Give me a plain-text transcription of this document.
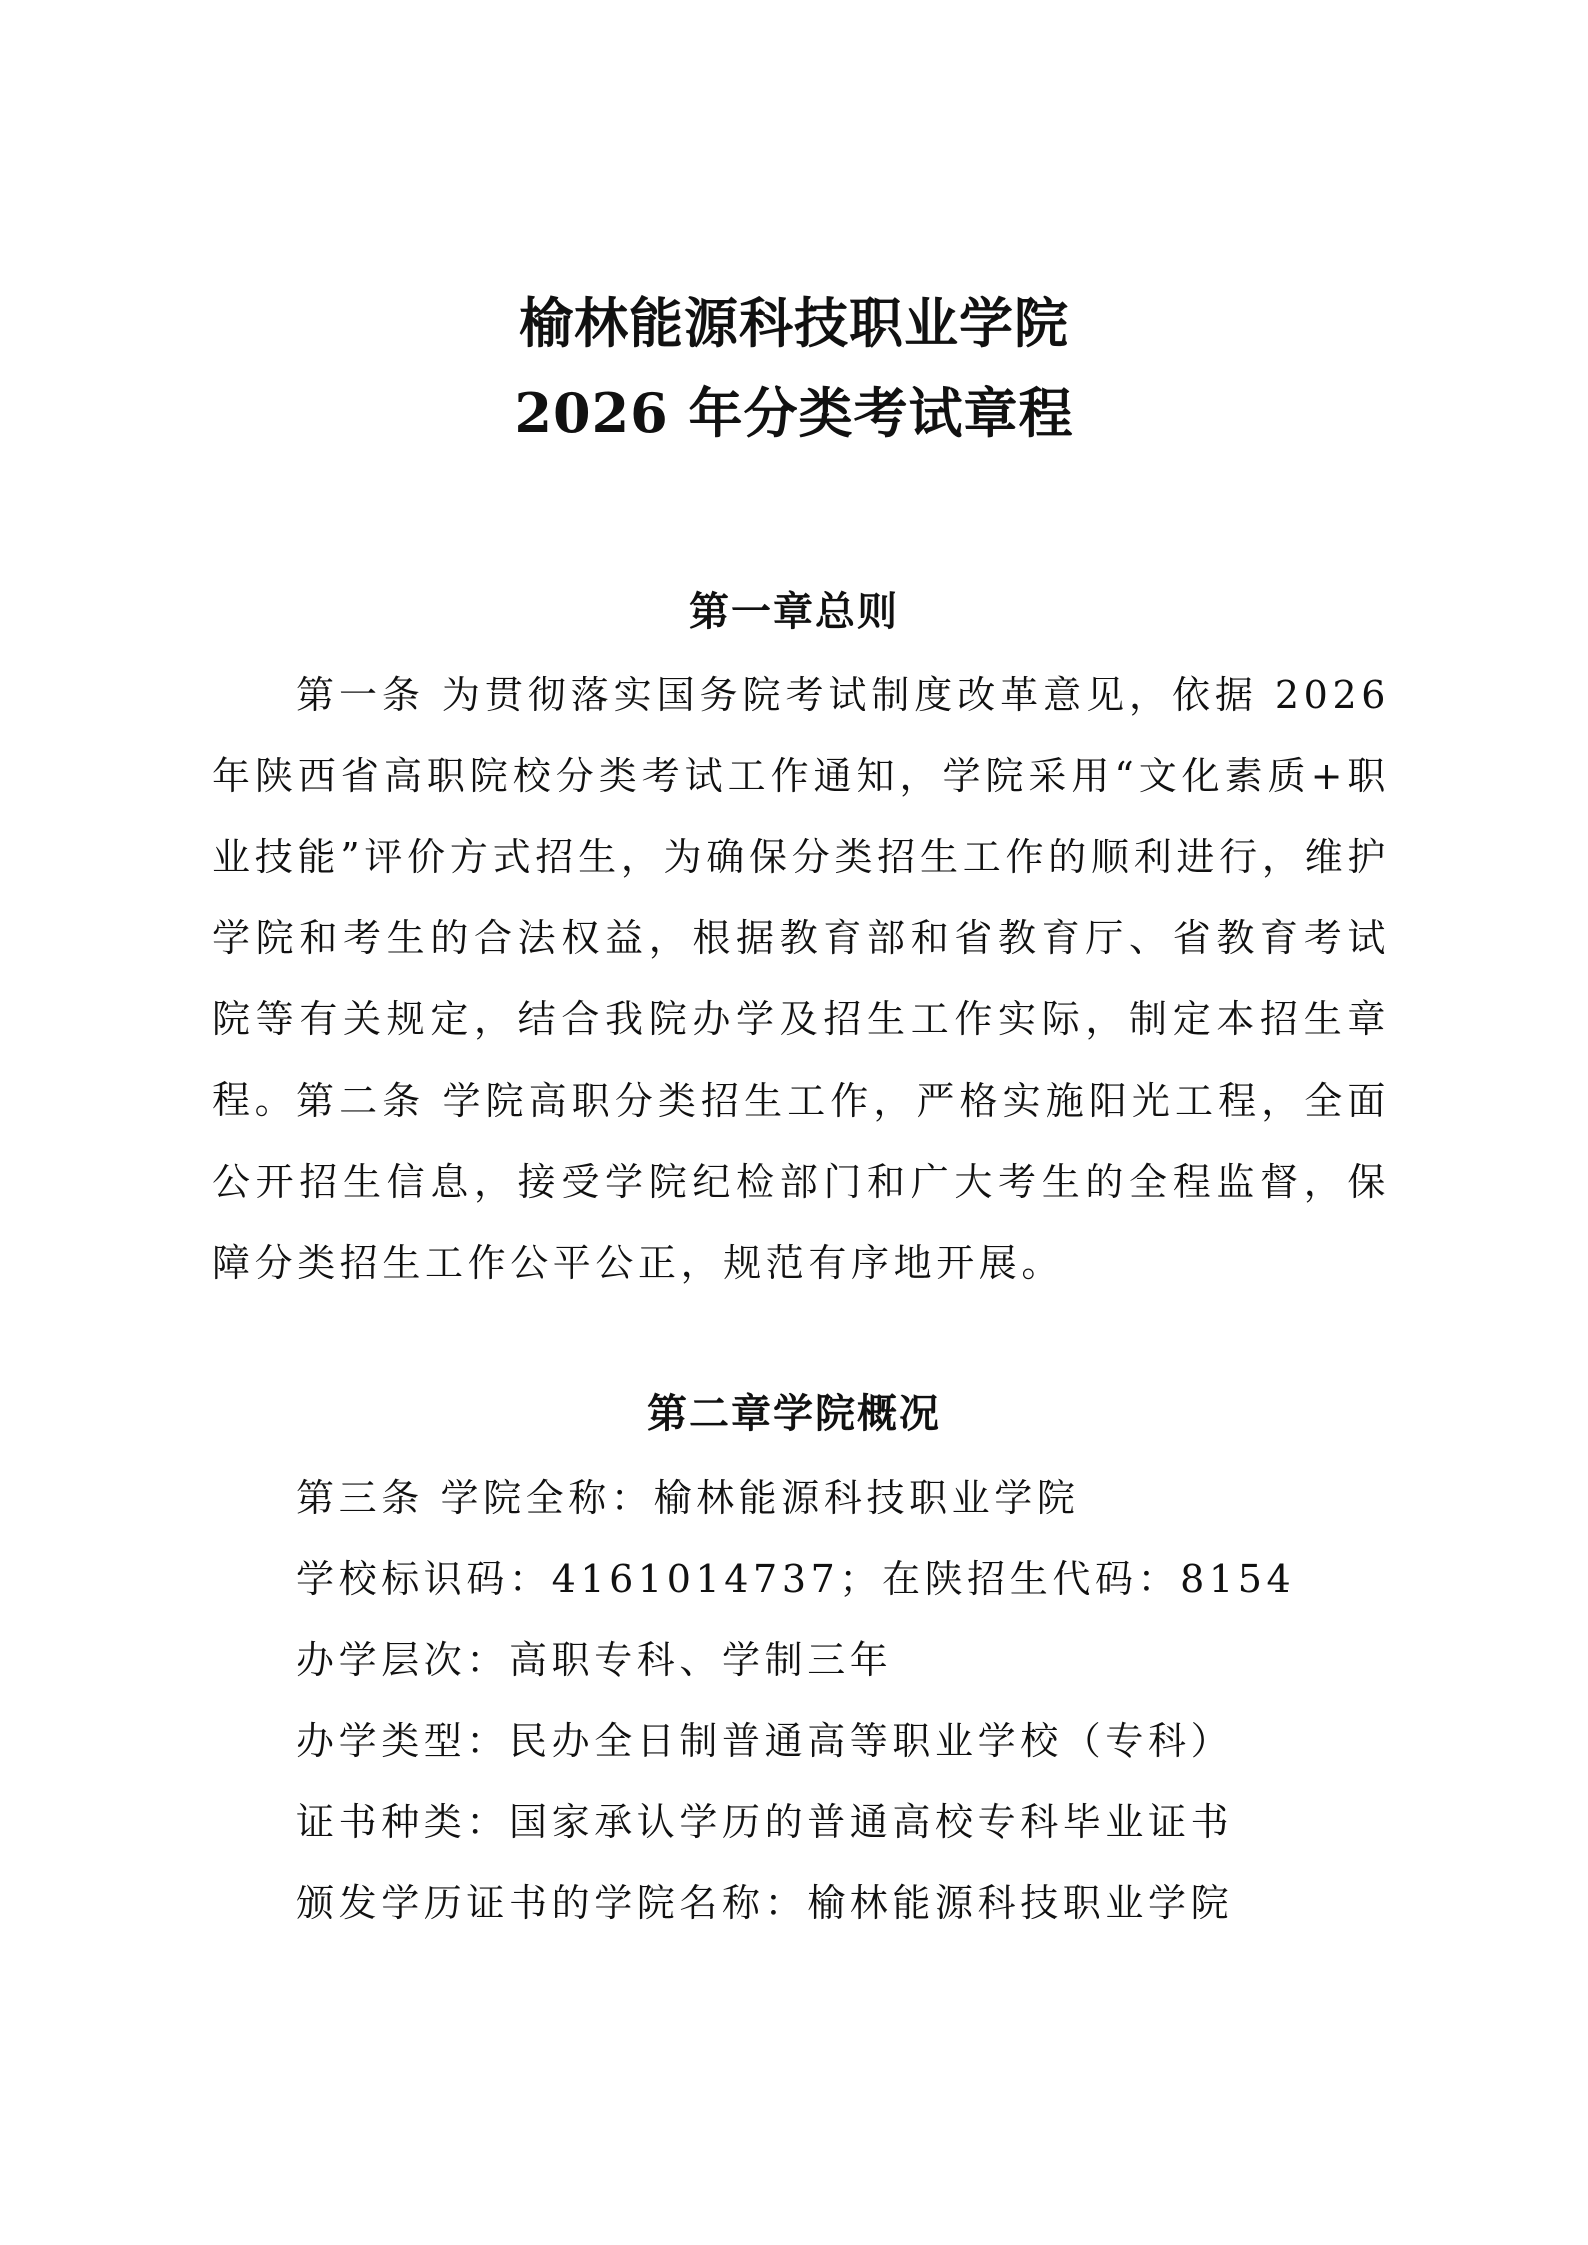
榆林能源科技职业学院

2026 年分类考试章程

第一章总则

第一条 为贯彻落实国务院考试制度改革意见，依据 2026 年陕西省高职院校分类考试工作通知，学院采用“文化素质+职业技能”评价方式招生，为确保分类招生工作的顺利进行，维护学院和考生的合法权益，根据教育部和省教育厅、省教育考试院等有关规定，结合我院办学及招生工作实际，制定本招生章程。

第二条 学院高职分类招生工作，严格实施阳光工程，全面公开招生信息，接受学院纪检部门和广大考生的全程监督，保障分类招生工作公平公正，规范有序地开展。

第二章学院概况

第三条 学院全称：榆林能源科技职业学院

学校标识码：4161014737；在陕招生代码：8154

办学层次：高职专科、学制三年

办学类型：民办全日制普通高等职业学校（专科）

证书种类：国家承认学历的普通高校专科毕业证书

颁发学历证书的学院名称：榆林能源科技职业学院
